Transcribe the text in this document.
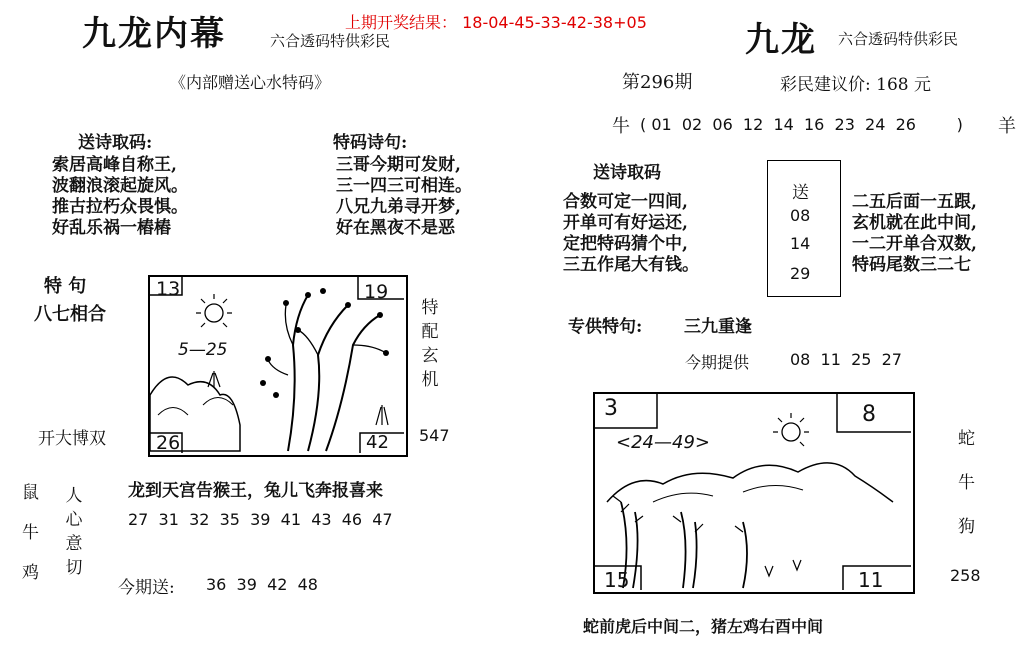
九龙内幕	六合透码特供彩民
上期开奖结果： 18-04-45-33-42-38+05	九龙 六合透码特供彩民
《内部赠送心水特码》
送诗取码:
索居高峰自称王,
波翻浪滚起旋风。
推古拉朽众畏惧。
好乱乐祸一樁樁
特码诗句:
三哥今期可发财,
三一四三可相连。
八兄九弟寻开梦,
好在黑夜不是恶
特 句
八七相合
开大博双
13	19
26	42
5—25
特
配
玄
机
547
鼠
牛
鸡
人
心
意
切
龙到天宫告猴王，兔儿飞奔报喜来
27  31  32  35  39  41  43  46  47
今期送: 36  39  42  48
第296期	彩民建议价: 168 元
牛 ( 01  02  06  12  14  16  23  24  26        ) 羊
送诗取码
合数可定一四间,
开单可有好运还,
定把特码猜个中,
三五作尾大有钱。
送
08
14
29
二五后面一五跟,
玄机就在此中间,
一二开单合双数,
特码尾数三二七
专供特句: 三九重逢
今期提供	08  11  25  27
3	8
15	11
<24—49>	蛇
牛
狗
258
蛇前虎后中间二，猪左鸡右酉中间
